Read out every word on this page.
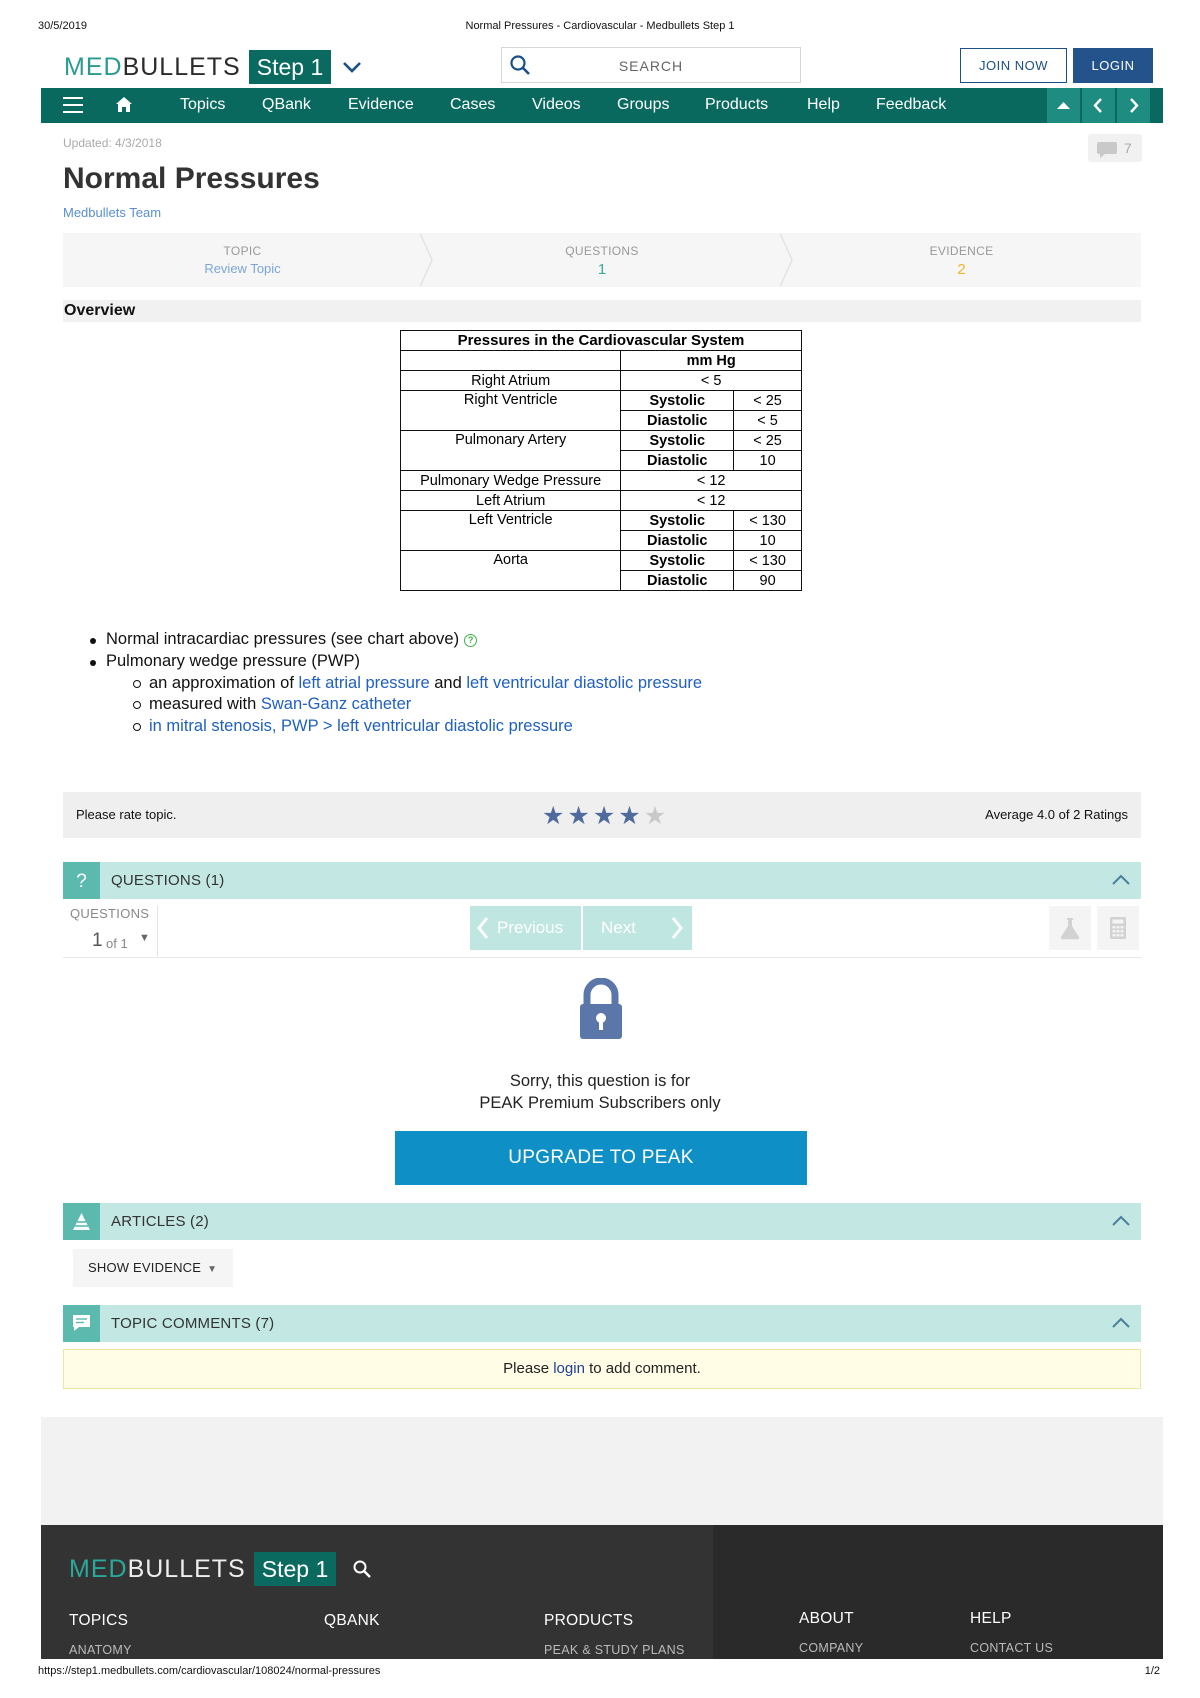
30/5/2019	Normal Pressures - Cardiovascular - Medbullets Step 1
MED BULLETS Step 1	SEARCH	JOIN NOW	LOGIN
Topics QBank Evidence Cases Videos Groups Products Help Feedback
Updated: 4/3/2018	7
Normal Pressures
Medbullets Team
TOPIC
Review Topic
QUESTIONS
1
EVIDENCE
2
Overview
Pressures in the Cardiovascular System		
	mm Hg	
Right Atrium	< 5	
Right Ventricle	Systolic	< 25
	Diastolic	< 5
Pulmonary Artery	Systolic	< 25
	Diastolic	10
Pulmonary Wedge Pressure	< 12	
Left Atrium	< 12	
Left Ventricle	Systolic	< 130
	Diastolic	10
Aorta	Systolic	< 130
	Diastolic	90
Normal intracardiac pressures (see chart above) ?
Pulmonary wedge pressure (PWP)
an approximation of left atrial pressure and left ventricular diastolic pressure
measured with Swan-Ganz catheter
in mitral stenosis, PWP > left ventricular diastolic pressure
Please rate topic.	★★★★★	Average 4.0 of 2 Ratings
? QUESTIONS (1)
QUESTIONS
1 of 1 ▼
Previous Next
Sorry, this question is for
PEAK Premium Subscribers only
UPGRADE TO PEAK
ARTICLES (2)
SHOW EVIDENCE ▼
TOPIC COMMENTS (7)
Please login to add comment.
MED BULLETS Step 1
TOPICS
ANATOMY
QBANK	PRODUCTS
PEAK & STUDY PLANS
ABOUT
COMPANY
HELP
CONTACT US
https://step1.medbullets.com/cardiovascular/108024/normal-pressures	1/2
